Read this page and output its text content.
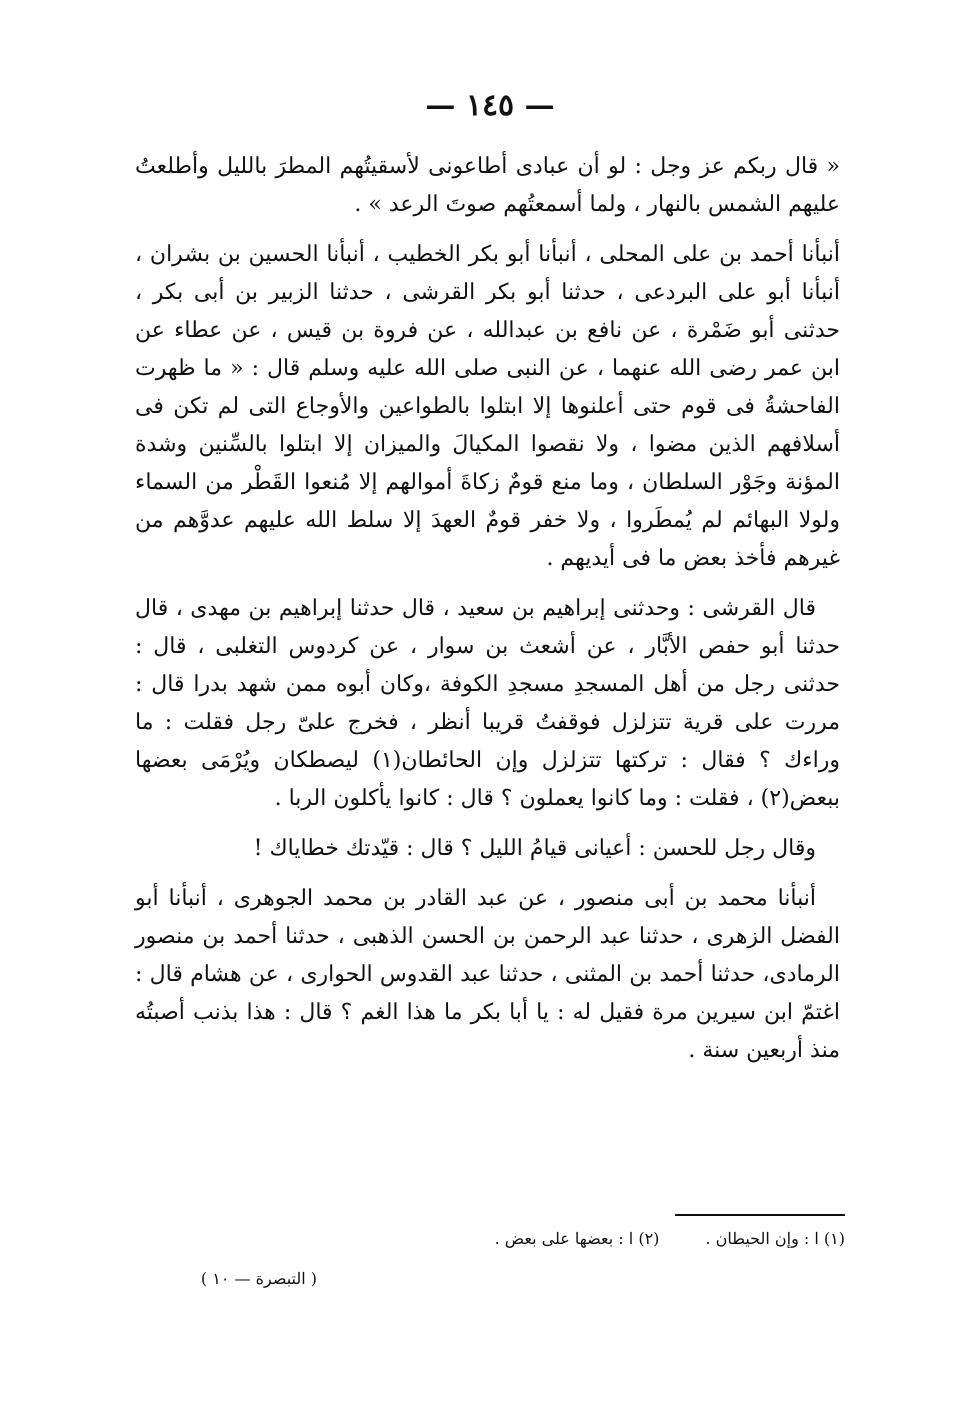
— ١٤٥ —

« قال ربكم عز وجل : لو أن عبادى أطاعونى لأسقيتُهم المطرَ بالليل وأطلعتُ عليهم الشمس بالنهار ، ولما أسمعتُهم صوتَ الرعد » .

أنبأنا أحمد بن على المحلى ، أنبأنا أبو بكر الخطيب ، أنبأنا الحسين بن بشران ، أنبأنا أبو على البردعى ، حدثنا أبو بكر القرشى ، حدثنا الزبير بن أبى بكر ، حدثنى أبو ضَمْرة ، عن نافع بن عبدالله ، عن فروة بن قيس ، عن عطاء عن ابن عمر رضى الله عنهما ، عن النبى صلى الله عليه وسلم قال : « ما ظهرت الفاحشةُ فى قوم حتى أعلنوها إلا ابتلوا بالطواعين والأوجاع التى لم تكن فى أسلافهم الذين مضوا ، ولا نقصوا المكيالَ والميزان إلا ابتلوا بالسِّنين وشدة المؤنة وجَوْر السلطان ، وما منع قومٌ زكاةَ أموالهم إلا مُنعوا القَطْر من السماء ولولا البهائم لم يُمطَروا ، ولا خفر قومٌ العهدَ إلا سلط الله عليهم عدوَّهم من غيرهم فأخذ بعض ما فى أيديهم .

قال القرشى : وحدثنى إبراهيم بن سعيد ، قال حدثنا إبراهيم بن مهدى ، قال حدثنا أبو حفص الأبَّار ، عن أشعث بن سوار ، عن كردوس التغلبى ، قال : حدثنى رجل من أهل المسجدِ مسجدِ الكوفة ،وكان أبوه ممن شهد بدرا قال : مررت على قرية تتزلزل فوقفتُ قريبا أنظر ، فخرج علىّ رجل فقلت : ما وراءك ؟ فقال : تركتها تتزلزل وإن الحائطان(١) ليصطكان ويُرْمَى بعضها ببعض(٢) ، فقلت : وما كانوا يعملون ؟ قال : كانوا يأكلون الربا .

وقال رجل للحسن : أعيانى قيامُ الليل ؟ قال : قيّدتك خطاياك !

أنبأنا محمد بن أبى منصور ، عن عبد القادر بن محمد الجوهرى ، أنبأنا أبو الفضل الزهرى ، حدثنا عبد الرحمن بن الحسن الذهبى ، حدثنا أحمد بن منصور الرمادى، حدثنا أحمد بن المثنى ، حدثنا عبد القدوس الحوارى ، عن هشام قال : اغتمّ ابن سيرين مرة فقيل له : يا أبا بكر ما هذا الغم ؟ قال : هذا بذنب أصبتُه منذ أربعين سنة .

(١) ا : وإن الحيطان .
(٢) ا : بعضها على بعض .
( التبصرة — ١٠ )
